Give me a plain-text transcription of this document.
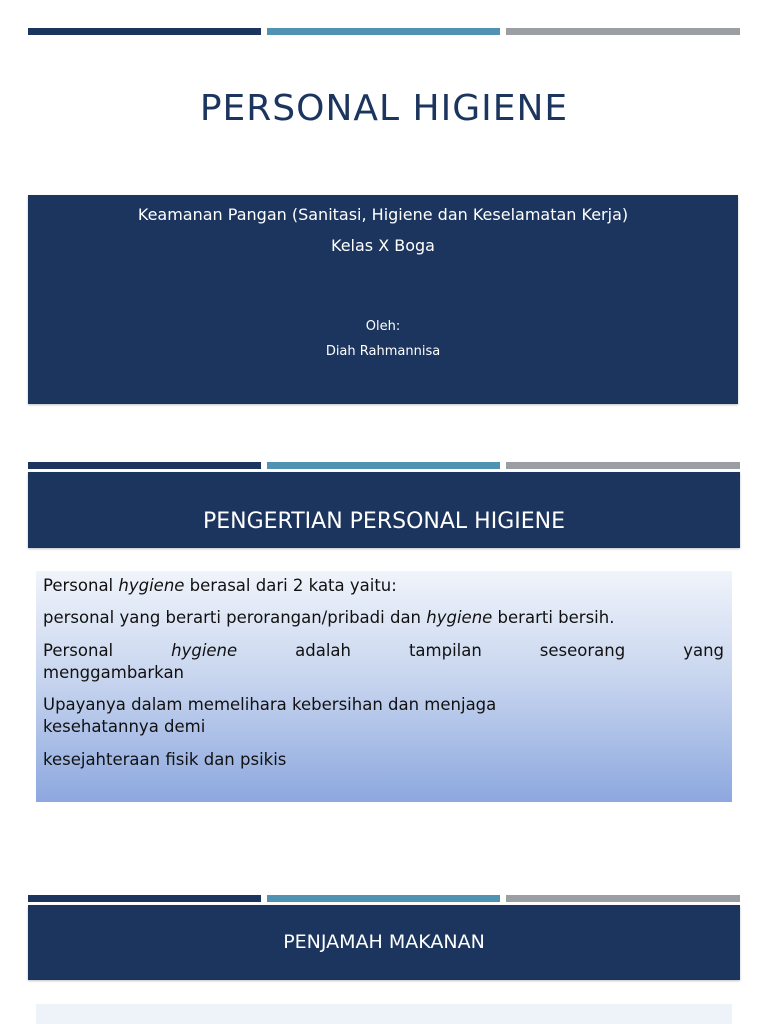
PERSONAL HIGIENE
Keamanan Pangan (Sanitasi, Higiene dan Keselamatan Kerja)
Kelas X Boga
Oleh:
Diah Rahmannisa
PENGERTIAN PERSONAL HIGIENE

Personal hygiene berasal dari 2 kata yaitu:

personal yang berarti perorangan/pribadi dan hygiene berarti bersih.

Personal hygiene adalah tampilan seseorang yang

menggambarkan

Upayanya dalam memelihara kebersihan dan menjaga

kesehatannya demi

kesejahteraan fisik dan psikis

PENJAMAH MAKANAN
